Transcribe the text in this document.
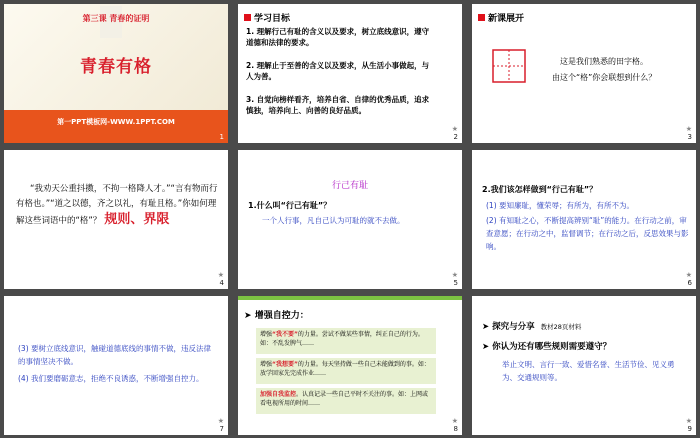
第三课 青春的证明
青春有格
第一PPT模板网-WWW.1PPT.COM
1
学习目标
1. 理解行己有耻的含义以及要求，树立底线意识，遵守道德和法律的要求。
2. 理解止于至善的含义以及要求，从生活小事做起，与人为善。
3. 自觉向榜样看齐，培养自省、自律的优秀品质，追求慎独，培养向上、向善的良好品质。
★
2
新课展开
这是我们熟悉的田字格。
由这个“格”你会联想到什么？
★
3
“我劝天公重抖擞，不拘一格降人才。”“言有物而行有格也。”“道之以德，齐之以礼，有耻且格。”你如何理解这些词语中的“格”？ 规则、界限
★
4
行己有耻
1.什么叫“行己有耻”？
一个人行事，凡自己认为可耻的就不去做。
★
5
2.我们该怎样做到“行己有耻”？
(1) 要知廉耻，懂荣辱；有所为，有所不为。
(2) 有知耻之心，不断提高辨别“耻”的能力。在行动之前，审查意愿；在行动之中，监督调节；在行动之后，反思效果与影响。
★
6
(3) 要树立底线意识，触碰道德底线的事情不做，违反法律的事情坚决不做。
(4) 我们要磨砺意志，拒绝不良诱惑，不断增强自控力。
★
7
➤ 增强自控力：
增强“我不要”的力量。尝试不做某些事情，纠正自己的行为。如：不乱发脾气……
增强“我想要”的力量。每天坚持做一些自己未能做到的事。如：放学回家先完成作业……
加强自我监控。认真记录一些自己平时不关注的事。如：上网或看电视所用的时间……
★
8
➤ 探究与分享 教材28页材料
➤ 你认为还有哪些规则需要遵守？
举止文明、言行一致、爱惜名誉、生活节俭、见义勇为、交通规则等。
★
9
